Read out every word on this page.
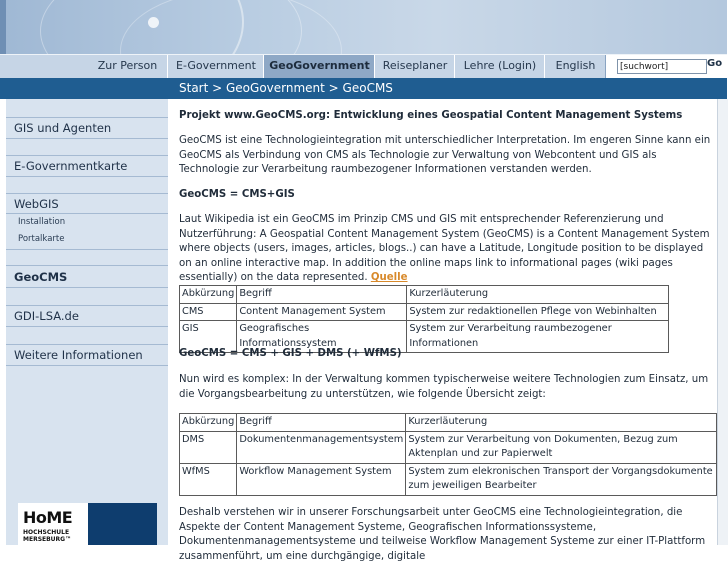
Zur Person	E-Government	GeoGovernment	Reiseplaner	Lehre (Login)	English
[suchwort]	Go
Start > GeoGovernment > GeoCMS
GIS und Agenten
E-Governmentkarte
WebGIS
Installation
Portalkarte
GeoCMS
GDI-LSA.de
Weitere Informationen
HoME
HOCHSCHULE
MERSEBURG™

Projekt www.GeoCMS.org: Entwicklung eines Geospatial Content Management Systems

GeoCMS ist eine Technologieintegration mit unterschiedlicher Interpretation. Im engeren Sinne kann ein GeoCMS als Verbindung von CMS als Technologie zur Verwaltung von Webcontent und GIS als Technologie zur Verarbeitung raumbezogener Informationen verstanden werden.

GeoCMS = CMS+GIS

Laut Wikipedia ist ein GeoCMS im Prinzip CMS und GIS mit entsprechender Referenzierung und Nutzerführung: A Geospatial Content Management System (GeoCMS) is a Content Management System where objects (users, images, articles, blogs..) can have a Latitude, Longitude position to be displayed on an online interactive map. In addition the online maps link to informational pages (wiki pages essentially) on the data represented. Quelle

Abkürzung	Begriff	Kurzerläuterung
CMS	Content Management System	System zur redaktionellen Pflege von Webinhalten
GIS	Geografisches Informationssystem	System zur Verarbeitung raumbezogener Informationen

GeoCMS = CMS + GIS + DMS (+ WfMS)

Nun wird es komplex: In der Verwaltung kommen typischerweise weitere Technologien zum Einsatz, um die Vorgangsbearbeitung zu unterstützen, wie folgende Übersicht zeigt:

Abkürzung	Begriff	Kurzerläuterung
DMS	Dokumentenmanagementsystem	System zur Verarbeitung von Dokumenten, Bezug zum Aktenplan und zur Papierwelt
WfMS	Workflow Management System	System zum elekronischen Transport der Vorgangsdokumente zum jeweiligen Bearbeiter

Deshalb verstehen wir in unserer Forschungsarbeit unter GeoCMS eine Technologieintegration, die Aspekte der Content Management Systeme, Geografischen Informationssysteme, Dokumentenmanagementsysteme und teilweise Workflow Management Systeme zur einer IT-Plattform zusammenführt, um eine durchgängige, digitale
